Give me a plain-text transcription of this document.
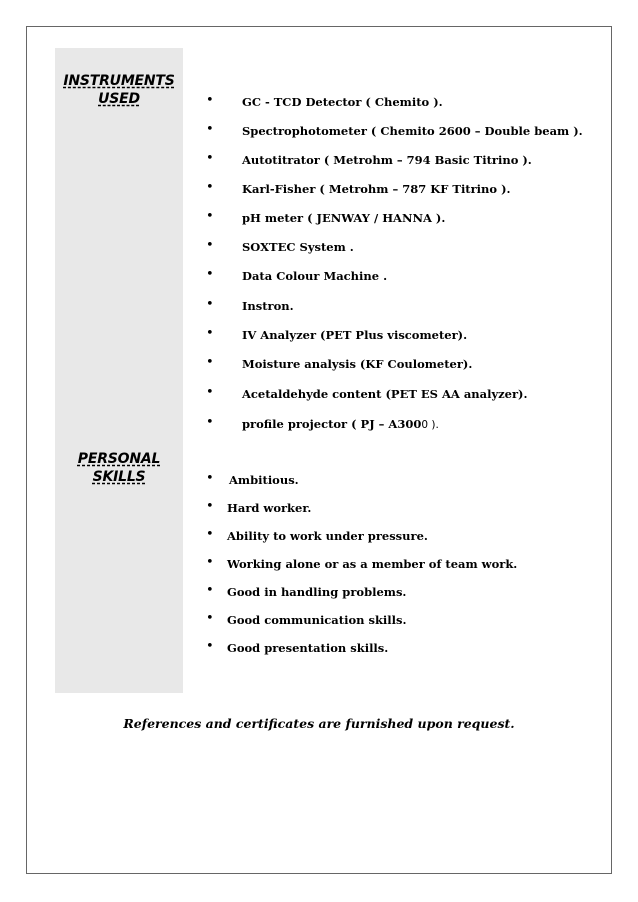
INSTRUMENTS
USED
PERSONAL
SKILLS
• GC - TCD Detector ( Chemito ).
• Spectrophotometer ( Chemito 2600 – Double beam ).
• Autotitrator ( Metrohm – 794 Basic Titrino ).
• Karl-Fisher ( Metrohm – 787 KF Titrino ).
• pH meter ( JENWAY / HANNA ).
• SOXTEC System .
• Data Colour Machine .
• Instron.
• IV Analyzer (PET Plus viscometer).
• Moisture analysis (KF Coulometer).
• Acetaldehyde content (PET ES AA analyzer).
• profile projector ( PJ – A3000 ).
• Ambitious.
• Hard worker.
• Ability to work under pressure.
• Working alone or as a member of team work.
• Good in handling problems.
• Good communication skills.
• Good presentation skills.
References and certificates are furnished upon request.
